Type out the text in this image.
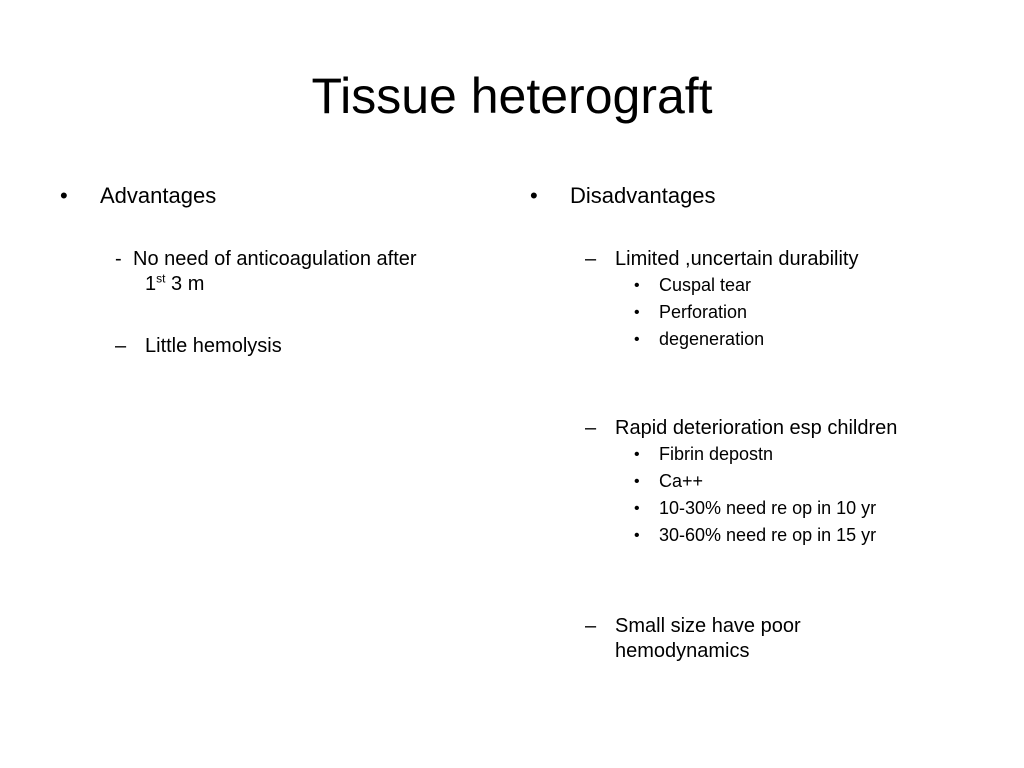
Tissue heterograft
• Advantages
- No need of anticoagulation after
1st 3 m
– Little hemolysis
• Disadvantages
– Limited ,uncertain durability
• Cuspal tear
• Perforation
• degeneration
– Rapid deterioration esp children
• Fibrin depostn
• Ca++
• 10-30% need re op in 10 yr
• 30-60% need re op in 15 yr
– Small size have poor
hemodynamics
